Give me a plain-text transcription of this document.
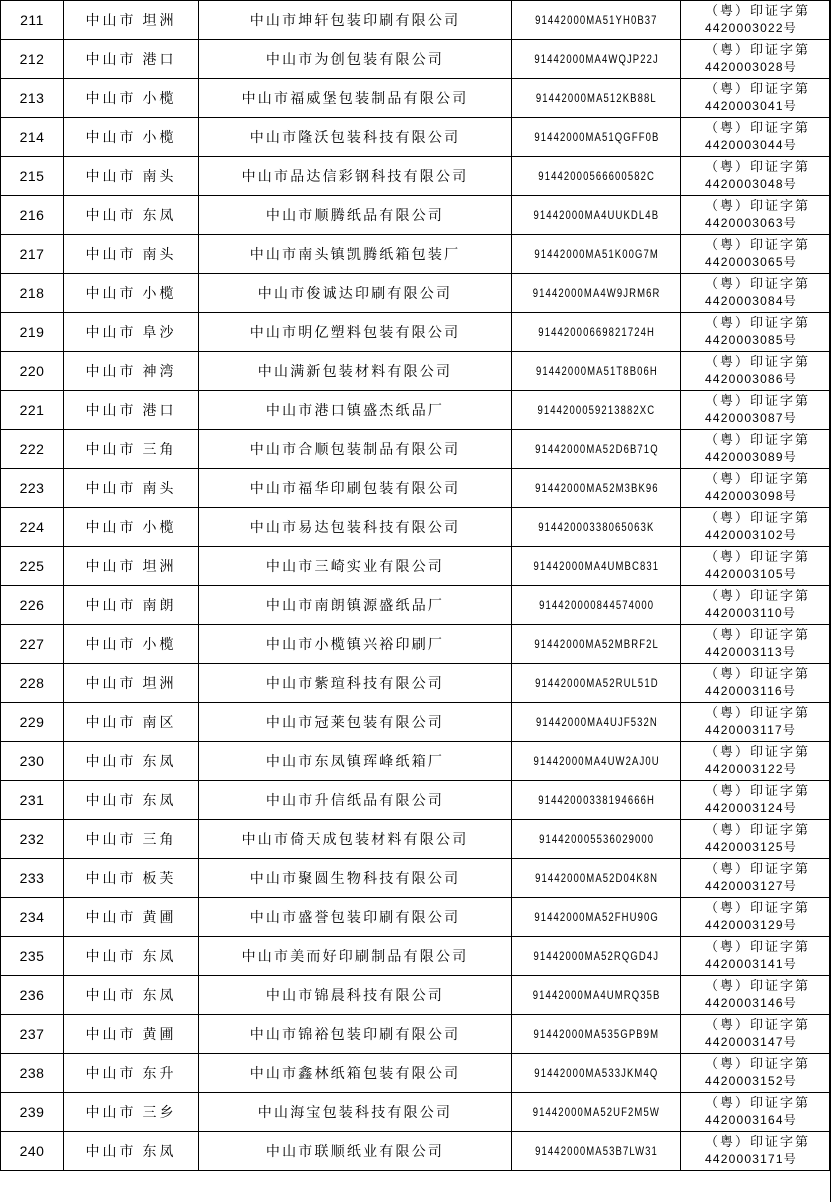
211	中山市 坦洲	中山市坤轩包装印刷有限公司	91442000MA51YH0B37	（粤）印证字第
4420003022号

212	中山市 港口	中山市为创包装有限公司	91442000MA4WQJP22J	（粤）印证字第
4420003028号

213	中山市 小榄	中山市福威堡包装制品有限公司	91442000MA512KB88L	（粤）印证字第
4420003041号

214	中山市 小榄	中山市隆沃包装科技有限公司	91442000MA51QGFF0B	（粤）印证字第
4420003044号

215	中山市 南头	中山市品达信彩钢科技有限公司	91442000566600582C	（粤）印证字第
4420003048号

216	中山市 东凤	中山市顺腾纸品有限公司	91442000MA4UUKDL4B	（粤）印证字第
4420003063号

217	中山市 南头	中山市南头镇凯腾纸箱包装厂	91442000MA51K00G7M	（粤）印证字第
4420003065号

218	中山市 小榄	中山市俊诚达印刷有限公司	91442000MA4W9JRM6R	（粤）印证字第
4420003084号

219	中山市 阜沙	中山市明亿塑料包装有限公司	91442000669821724H	（粤）印证字第
4420003085号

220	中山市 神湾	中山满新包装材料有限公司	91442000MA51T8B06H	（粤）印证字第
4420003086号

221	中山市 港口	中山市港口镇盛杰纸品厂	9144200059213882XC	（粤）印证字第
4420003087号

222	中山市 三角	中山市合顺包装制品有限公司	91442000MA52D6B71Q	（粤）印证字第
4420003089号

223	中山市 南头	中山市福华印刷包装有限公司	91442000MA52M3BK96	（粤）印证字第
4420003098号

224	中山市 小榄	中山市易达包装科技有限公司	91442000338065063K	（粤）印证字第
4420003102号

225	中山市 坦洲	中山市三崎实业有限公司	91442000MA4UMBC831	（粤）印证字第
4420003105号

226	中山市 南朗	中山市南朗镇源盛纸品厂	914420000844574000	（粤）印证字第
4420003110号

227	中山市 小榄	中山市小榄镇兴裕印刷厂	91442000MA52MBRF2L	（粤）印证字第
4420003113号

228	中山市 坦洲	中山市紫瑄科技有限公司	91442000MA52RUL51D	（粤）印证字第
4420003116号

229	中山市 南区	中山市冠莱包装有限公司	91442000MA4UJF532N	（粤）印证字第
4420003117号

230	中山市 东凤	中山市东凤镇珲峰纸箱厂	91442000MA4UW2AJ0U	（粤）印证字第
4420003122号

231	中山市 东凤	中山市升信纸品有限公司	91442000338194666H	（粤）印证字第
4420003124号

232	中山市 三角	中山市倚天成包装材料有限公司	914420005536029000	（粤）印证字第
4420003125号

233	中山市 板芙	中山市聚圆生物科技有限公司	91442000MA52D04K8N	（粤）印证字第
4420003127号

234	中山市 黄圃	中山市盛誉包装印刷有限公司	91442000MA52FHU90G	（粤）印证字第
4420003129号

235	中山市 东凤	中山市美而好印刷制品有限公司	91442000MA52RQGD4J	（粤）印证字第
4420003141号

236	中山市 东凤	中山市锦晨科技有限公司	91442000MA4UMRQ35B	（粤）印证字第
4420003146号

237	中山市 黄圃	中山市锦裕包装印刷有限公司	91442000MA535GPB9M	（粤）印证字第
4420003147号

238	中山市 东升	中山市鑫林纸箱包装有限公司	91442000MA533JKM4Q	（粤）印证字第
4420003152号

239	中山市 三乡	中山海宝包装科技有限公司	91442000MA52UF2M5W	（粤）印证字第
4420003164号

240	中山市 东凤	中山市联顺纸业有限公司	91442000MA53B7LW31	（粤）印证字第
4420003171号
